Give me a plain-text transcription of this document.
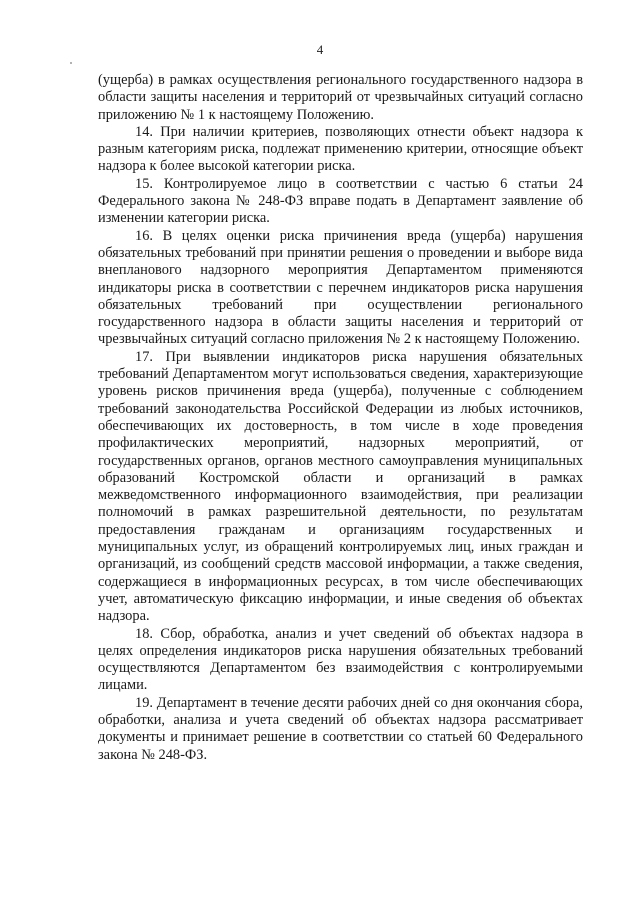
4

(ущерба) в рамках осуществления регионального государственного надзора в области защиты населения и территорий от чрезвычайных ситуаций согласно приложению № 1 к настоящему Положению.

14. При наличии критериев, позволяющих отнести объект надзора к разным категориям риска, подлежат применению критерии, относящие объект надзора к более высокой категории риска.

15. Контролируемое лицо в соответствии с частью 6 статьи 24 Федерального закона № 248-ФЗ вправе подать в Департамент заявление об изменении категории риска.

16. В целях оценки риска причинения вреда (ущерба) нарушения обязательных требований при принятии решения о проведении и выборе вида внепланового надзорного мероприятия Департаментом применяются индикаторы риска в соответствии с перечнем индикаторов риска нарушения обязательных требований при осуществлении регионального государственного надзора в области защиты населения и территорий от чрезвычайных ситуаций согласно приложения № 2 к настоящему Положению.

17. При выявлении индикаторов риска нарушения обязательных требований Департаментом могут использоваться сведения, характеризующие уровень рисков причинения вреда (ущерба), полученные с соблюдением требований законодательства Российской Федерации из любых источников, обеспечивающих их достоверность, в том числе в ходе проведения профилактических мероприятий, надзорных мероприятий, от государственных органов, органов местного самоуправления муниципальных образований Костромской области и организаций в рамках межведомственного информационного взаимодействия, при реализации полномочий в рамках разрешительной деятельности, по результатам предоставления гражданам и организациям государственных и муниципальных услуг, из обращений контролируемых лиц, иных граждан и организаций, из сообщений средств массовой информации, а также сведения, содержащиеся в информационных ресурсах, в том числе обеспечивающих учет, автоматическую фиксацию информации, и иные сведения об объектах надзора.

18. Сбор, обработка, анализ и учет сведений об объектах надзора в целях определения индикаторов риска нарушения обязательных требований осуществляются Департаментом без взаимодействия с контролируемыми лицами.

19. Департамент в течение десяти рабочих дней со дня окончания сбора, обработки, анализа и учета сведений об объектах надзора рассматривает документы и принимает решение в соответствии со статьей 60 Федерального закона № 248-ФЗ.
